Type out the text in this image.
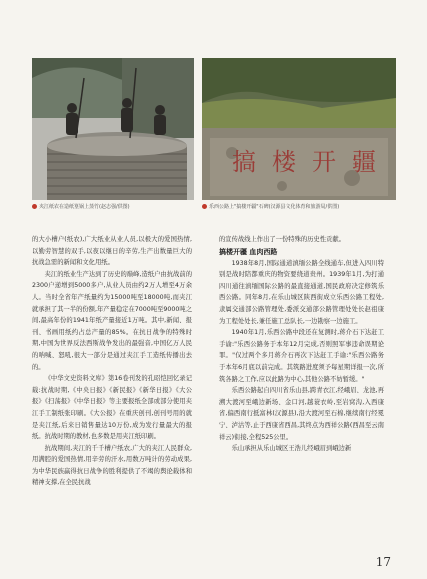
搞 楼 开 疆
夹江纸农在造纸篁锅上蒸竹(赵志强/供图)	乐西公路上"搞楼开疆"石碑(汉源县文化体育和旅游局/供图)

的大小槽户(纸农),广大纸业从业人员,以极大的爱国热情,以勤劳智慧的双手,以夜以继日的辛劳,生产出数量巨大的抗战急需的新闻和文化用纸。

夹江的纸业生产达到了历史的巅峰,造纸户由抗战前的2300户递增到5000多户,从业人员由约2万人增至4万余人。当时全省年产纸量约为15000吨至18000吨,而夹江就承担了其一半的份额,年产量稳定在7000吨至9000吨之间,最高年份的1941年纸产量接近1万吨。其中,新闻、报刊、书画用纸约占总产量的85%。在抗日战争的特殊时期,中国为世界反法西斯战争发出的最强音,中国亿万人民的呐喊、怒吼,很大一部分是通过夹江手工造纸传播出去的。

《中华文史资料文库》第16卷刊发的孔昭恺回忆录记载:抗战时期,《中央日报》《新民报》《新华日报》《大公报》《扫荡报》《中华日报》等主要报纸全部或部分使用夹江手工制纸张印刷。《大公报》在重庆创刊,创刊号用的就是夹江纸,后来日销售量达10万份,成为发行量最大的报纸。抗战时期的教材,也多数是用夹江纸印刷。

抗战期间,夹江的千千槽户纸农,广大的夹江人民群众,用满腔的爱国热情,用辛劳的汗水,用数万吨计的劳动成果,为中华民族赢得抗日战争的胜利提供了不竭的舆论载体和精神支撑,在全民抗战

的宣传战线上作出了一份特殊的历史性贡献。

搞楼开疆 血肉西路

1938年8月,国际通道滇缅公路全线通车,但进入四川特别是战时陪都重庆的物资要绕道贵州。1939年1月,为打通四川通往滇缅国际公路的最直接通道,国民政府决定修筑乐西公路。同年8月,在乐山城区陕西街成立乐西公路工程处,隶属交通部公路管理处,委派交通部公路管理处处长赵祖康为工程处处长,兼任施工总队长,一边勘察一边施工。

1940年1月,乐西公路中段还在复测时,蒋介石下达赶工手谕:"乐西公路务于本年12月完成,否则照军事违命误期论罪。"仅过两个多月蒋介石再次下达赶工手谕:"乐西公路务于本年6月底以前完成。其筑路进度须予每星期详报一次,所筑各路之工作,应以此路为中心,其他公路不妨暂缓。"

乐西公路起自四川省乐山县,跨青衣江,经峨眉、龙池,再溯大渡河至峨边新场、金口河,越蓑衣岭,至岩窝沟,入西康省,偏西南行抵富林(汉源县),沿大渡河至石棉,继续南行经冕宁、泸沽等,止于西康省西昌,其终点为西祥公路(西昌至云南祥云)衔接,全程525公里。

乐山承担从乐山城区王浩儿经峨眉到峨边新

17
